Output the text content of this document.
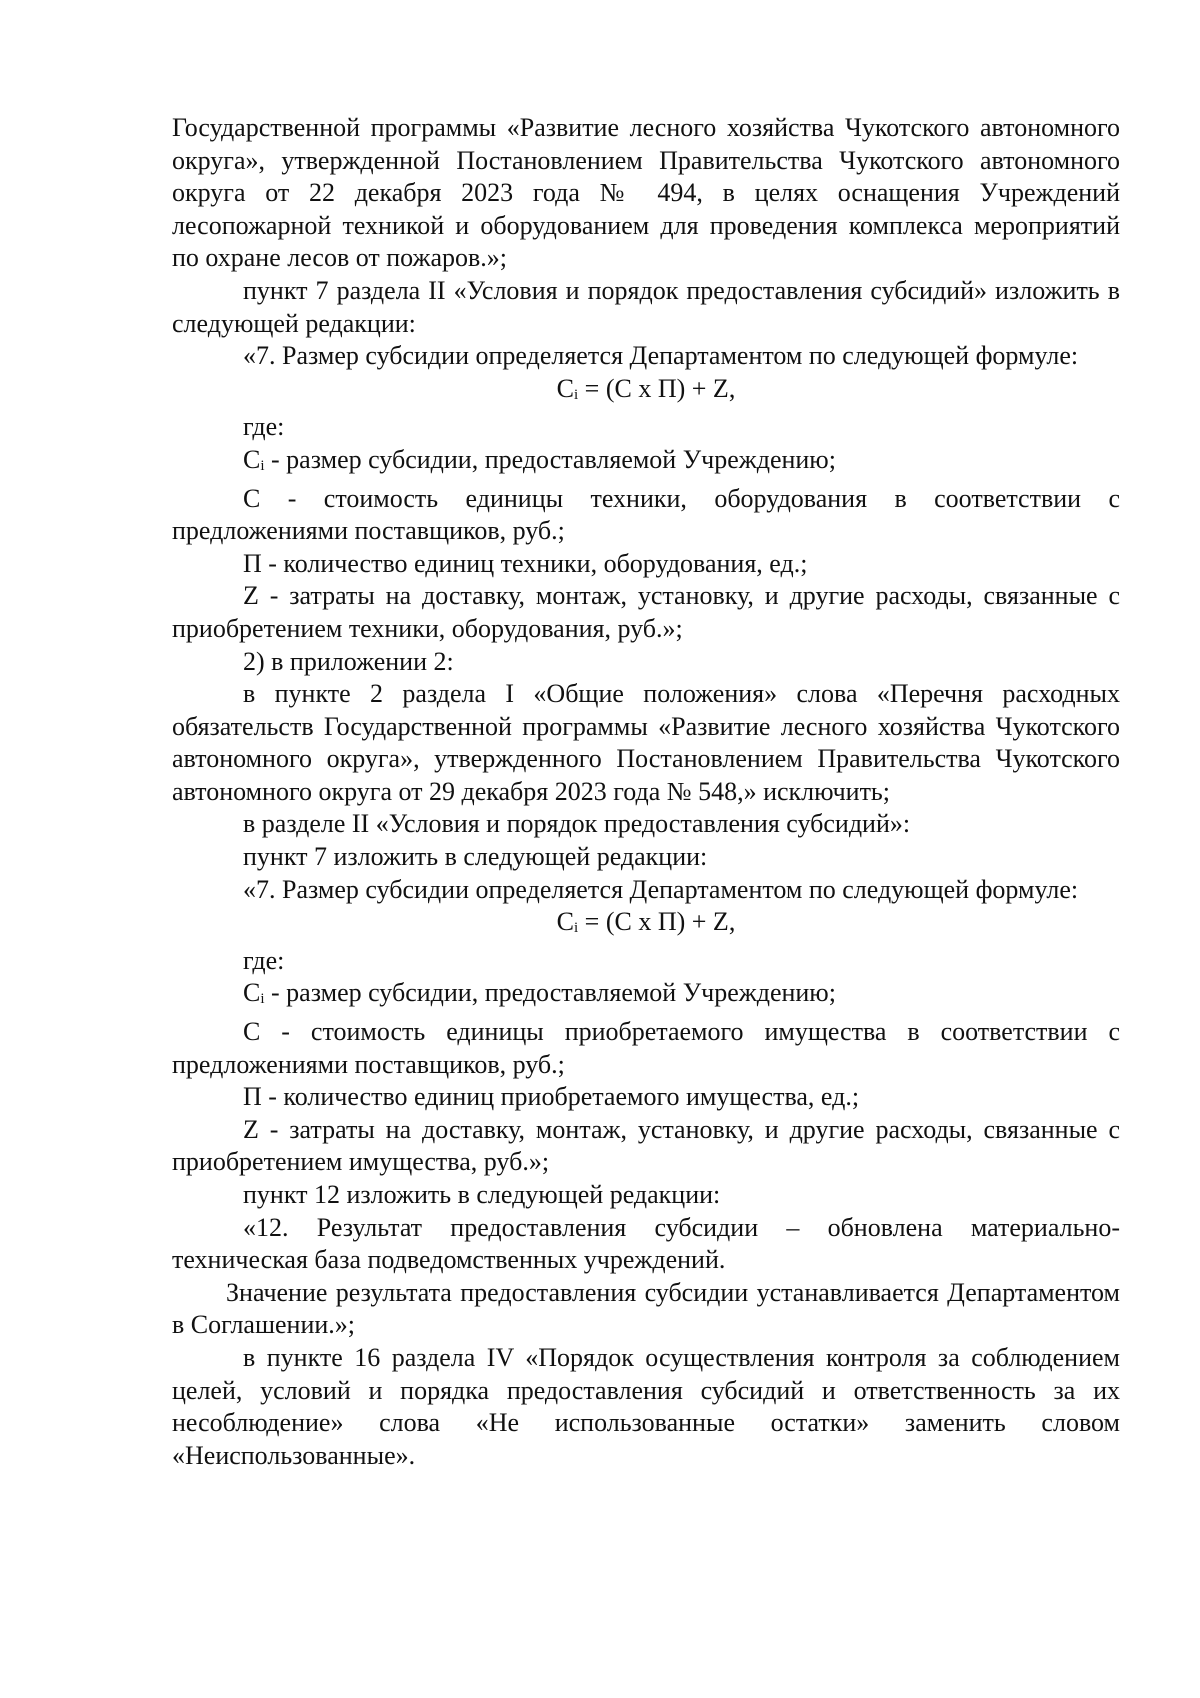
Государственной программы «Развитие лесного хозяйства Чукотского автономного округа», утвержденной Постановлением Правительства Чукотского автономного округа от 22 декабря 2023 года № 494, в целях оснащения Учреждений лесопожарной техникой и оборудованием для проведения комплекса мероприятий по охране лесов от пожаров.»;

пункт 7 раздела II «Условия и порядок предоставления субсидий» изложить в следующей редакции:

«7. Размер субсидии определяется Департаментом по следующей формуле:

Ci = (С х П) + Z,

где:

Ci - размер субсидии, предоставляемой Учреждению;

С - стоимость единицы техники, оборудования в соответствии с предложениями поставщиков, руб.;

П - количество единиц техники, оборудования, ед.;

Z - затраты на доставку, монтаж, установку, и другие расходы, связанные с приобретением техники, оборудования, руб.»;

2) в приложении 2:

в пункте 2 раздела I «Общие положения» слова «Перечня расходных обязательств Государственной программы «Развитие лесного хозяйства Чукотского автономного округа», утвержденного Постановлением Правительства Чукотского автономного округа от 29 декабря 2023 года № 548,» исключить;

в разделе II «Условия и порядок предоставления субсидий»:

пункт 7 изложить в следующей редакции:

«7. Размер субсидии определяется Департаментом по следующей формуле:

Ci = (С х П) + Z,

где:

Ci - размер субсидии, предоставляемой Учреждению;

С - стоимость единицы приобретаемого имущества в соответствии с предложениями поставщиков, руб.;

П - количество единиц приобретаемого имущества, ед.;

Z - затраты на доставку, монтаж, установку, и другие расходы, связанные с приобретением имущества, руб.»;

пункт 12 изложить в следующей редакции:

«12. Результат предоставления субсидии – обновлена материально-техническая база подведомственных учреждений.

Значение результата предоставления субсидии устанавливается Департаментом в Соглашении.»;

в пункте 16 раздела IV «Порядок осуществления контроля за соблюдением целей, условий и порядка предоставления субсидий и ответственность за их несоблюдение» слова «Не использованные остатки» заменить словом «Неиспользованные».
